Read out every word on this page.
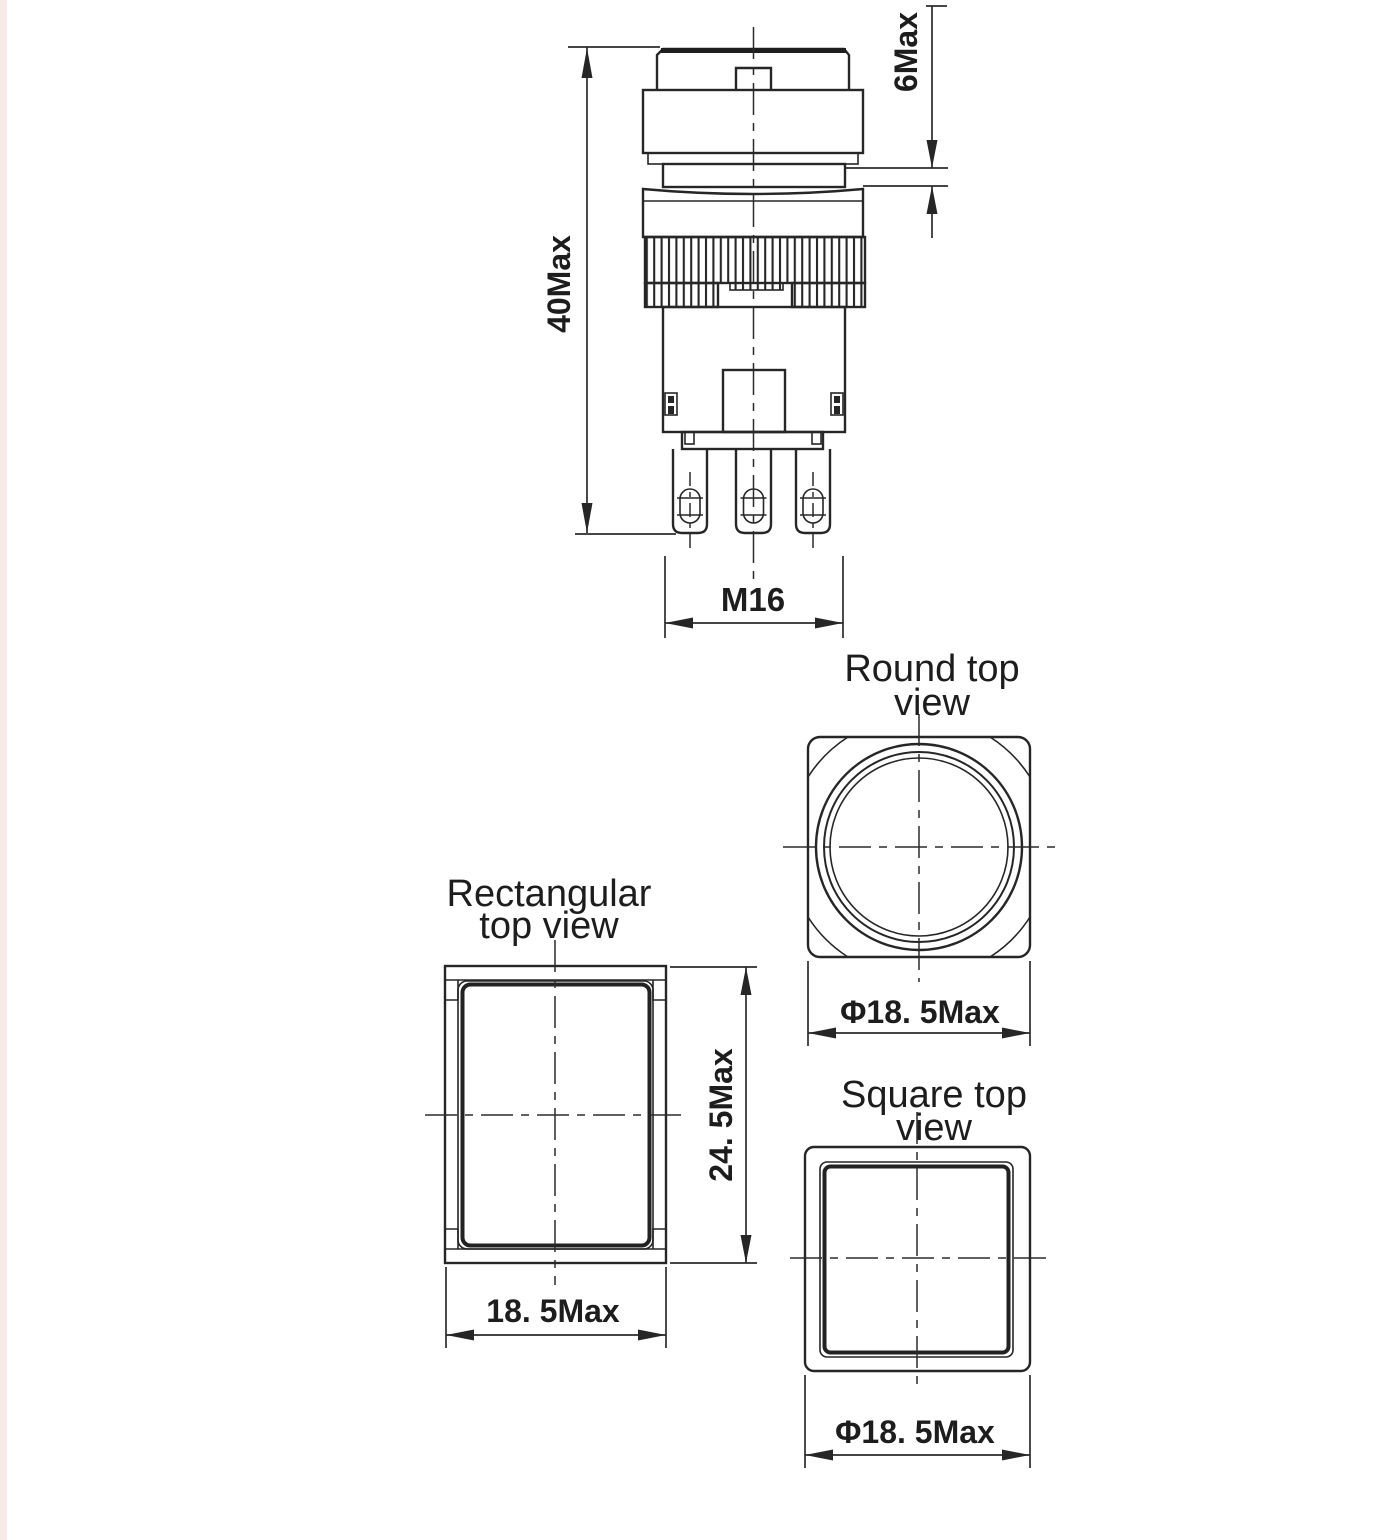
40Max
6Max
M16
Round top
view
Φ18. 5Max
Rectangular
top view
24. 5Max
18. 5Max
Square top
view
Φ18. 5Max
